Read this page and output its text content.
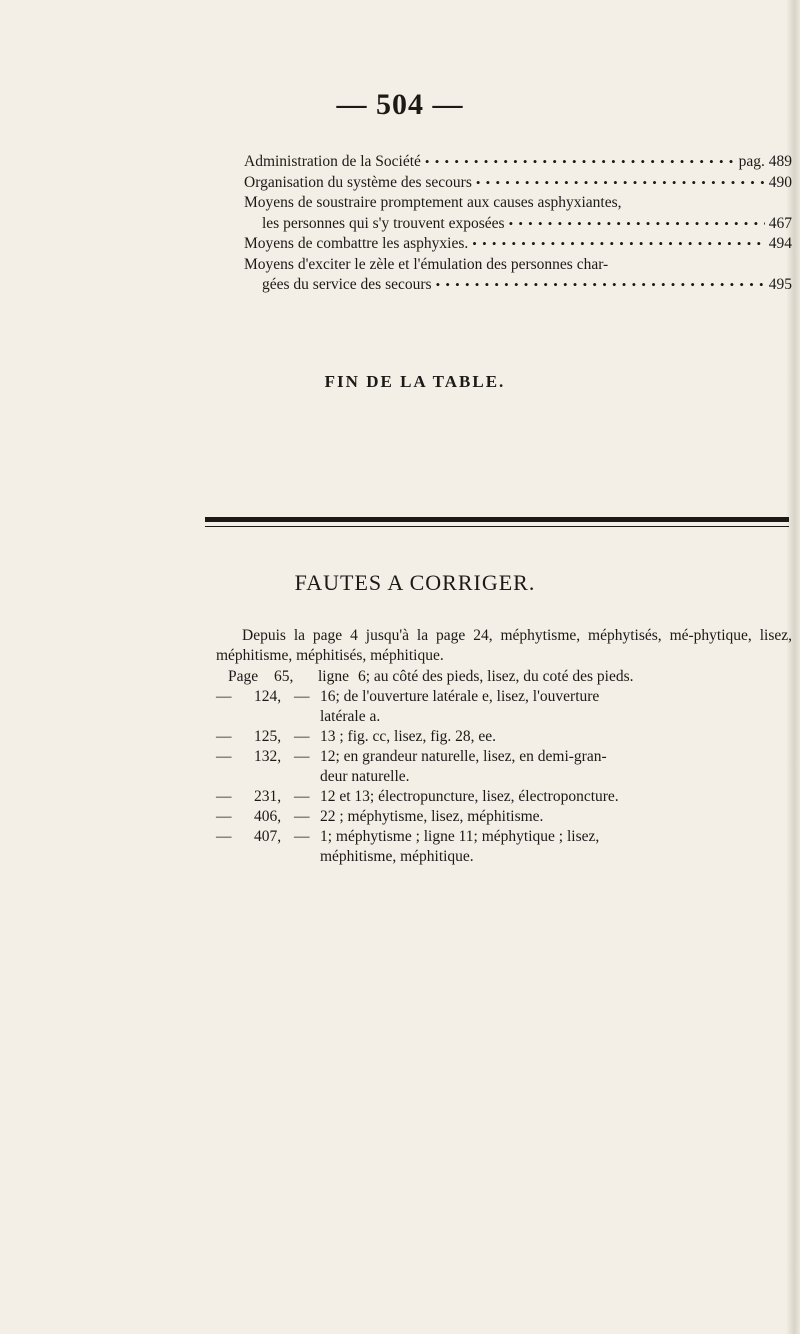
— 504 —
Administration de la Société • • •	pag. 489
Organisation du système des secours • • •	490
Moyens de soustraire promptement aux causes asphyxiantes,
les personnes qui s'y trouvent exposées • • •	467
Moyens de combattre les asphyxies. • • •	494
Moyens d'exciter le zèle et l'émulation des personnes char-
gées du service des secours • • •	495
FIN DE LA TABLE.
FAUTES A CORRIGER.
Depuis la page 4 jusqu'à la page 24, méphytisme, méphytisés, mé-phytique, lisez, méphitisme, méphitisés, méphitique.
Page	65,	ligne 6; au côté des pieds, lisez, du coté des pieds.
—	124, — 16; de l'ouverture latérale e, lisez, l'ouverture
latérale a.
—	125, — 13 ; fig. cc, lisez, fig. 28, ee.
—	132, — 12; en grandeur naturelle, lisez, en demi-gran-
deur naturelle.
—	231, — 12 et 13; électropuncture, lisez, électroponcture.
—	406, — 22 ; méphytisme, lisez, méphitisme.
—	407, — 1; méphytisme ; ligne 11; méphytique ; lisez,
méphitisme, méphitique.
